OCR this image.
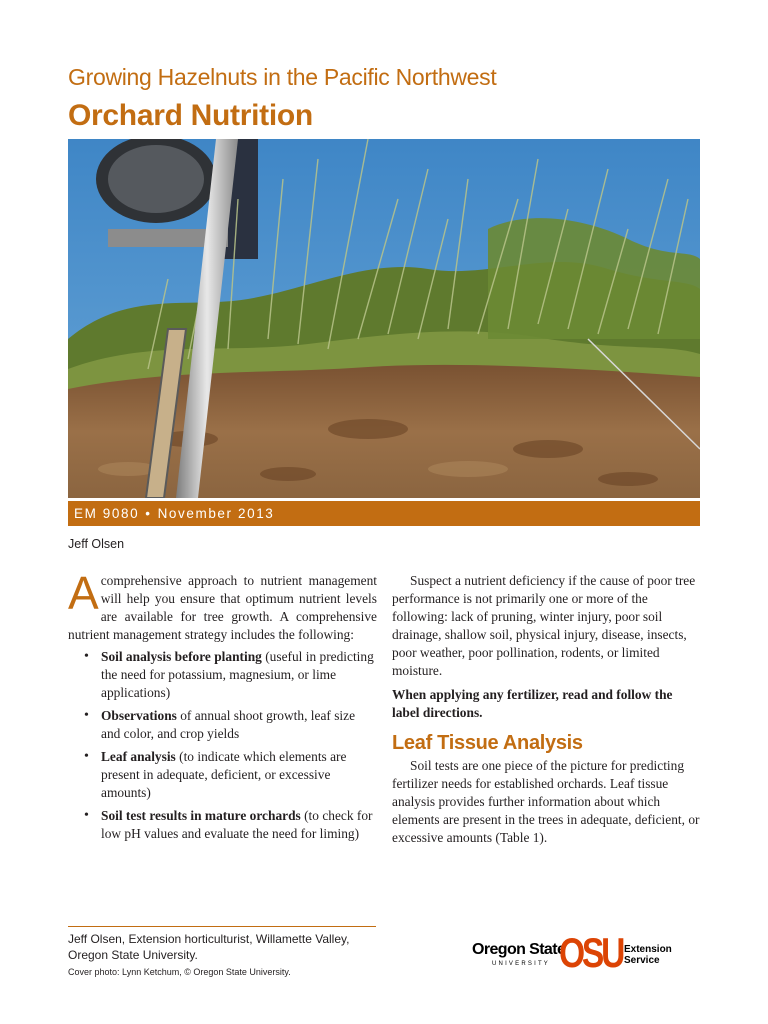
Growing Hazelnuts in the Pacific Northwest
Orchard Nutrition
EM 9080 • November 2013
Jeff Olsen

Acomprehensive approach to nutrient management will help you ensure that optimum nutrient levels are available for tree growth. A comprehensive nutrient management strategy includes the following:

• Soil analysis before planting (useful in predicting the need for potassium, magnesium, or lime applications)
• Observations of annual shoot growth, leaf size and color, and crop yields
• Leaf analysis (to indicate which elements are present in adequate, deficient, or excessive amounts)
• Soil test results in mature orchards (to check for low pH values and evaluate the need for liming)

Suspect a nutrient deficiency if the cause of poor tree performance is not primarily one or more of the following: lack of pruning, winter injury, poor soil drainage, shallow soil, physical injury, disease, insects, poor weather, poor pollination, rodents, or limited moisture.

When applying any fertilizer, read and follow the label directions.

Leaf Tissue Analysis

Soil tests are one piece of the picture for predicting fertilizer needs for established orchards. Leaf tissue analysis provides further information about which elements are present in the trees in adequate, deficient, or excessive amounts (Table 1).

Jeff Olsen, Extension horticulturist, Willamette Valley, Oregon State University.
Cover photo: Lynn Ketchum, © Oregon State University.
Oregon State
UNIVERSITY OSU Extension
Service
